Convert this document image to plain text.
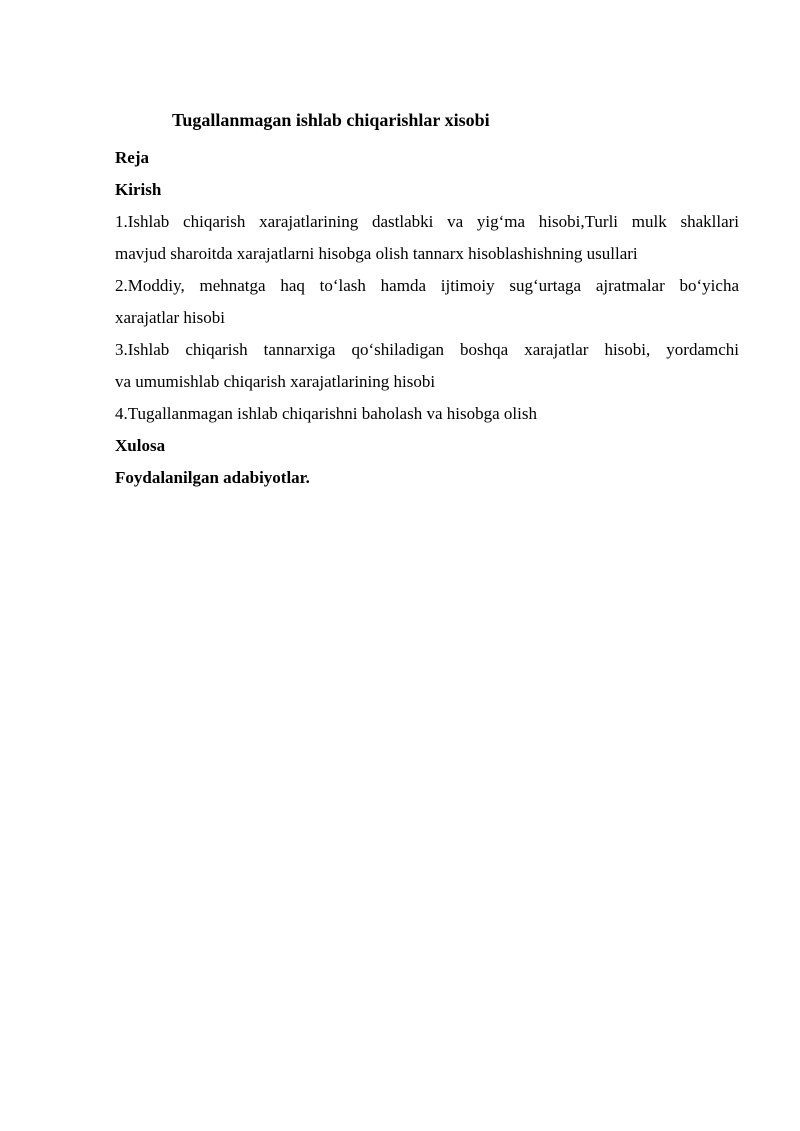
Tugallanmagan ishlab chiqarishlar xisobi
Reja
Kirish
1.Ishlab chiqarish xarajatlarining dastlabki va yig‘ma hisobi,Turli mulk shakllari
mavjud sharoitda xarajatlarni hisobga olish tannarx hisoblashishning usullari
2.Moddiy, mehnatga haq to‘lash hamda ijtimoiy sug‘urtaga ajratmalar bo‘yicha
xarajatlar hisobi
3.Ishlab chiqarish tannarxiga qo‘shiladigan boshqa xarajatlar hisobi, yordamchi
va umumishlab chiqarish xarajatlarining hisobi
4.Tugallanmagan ishlab chiqarishni baholash va hisobga olish
Xulosa
Foydalanilgan adabiyotlar.
